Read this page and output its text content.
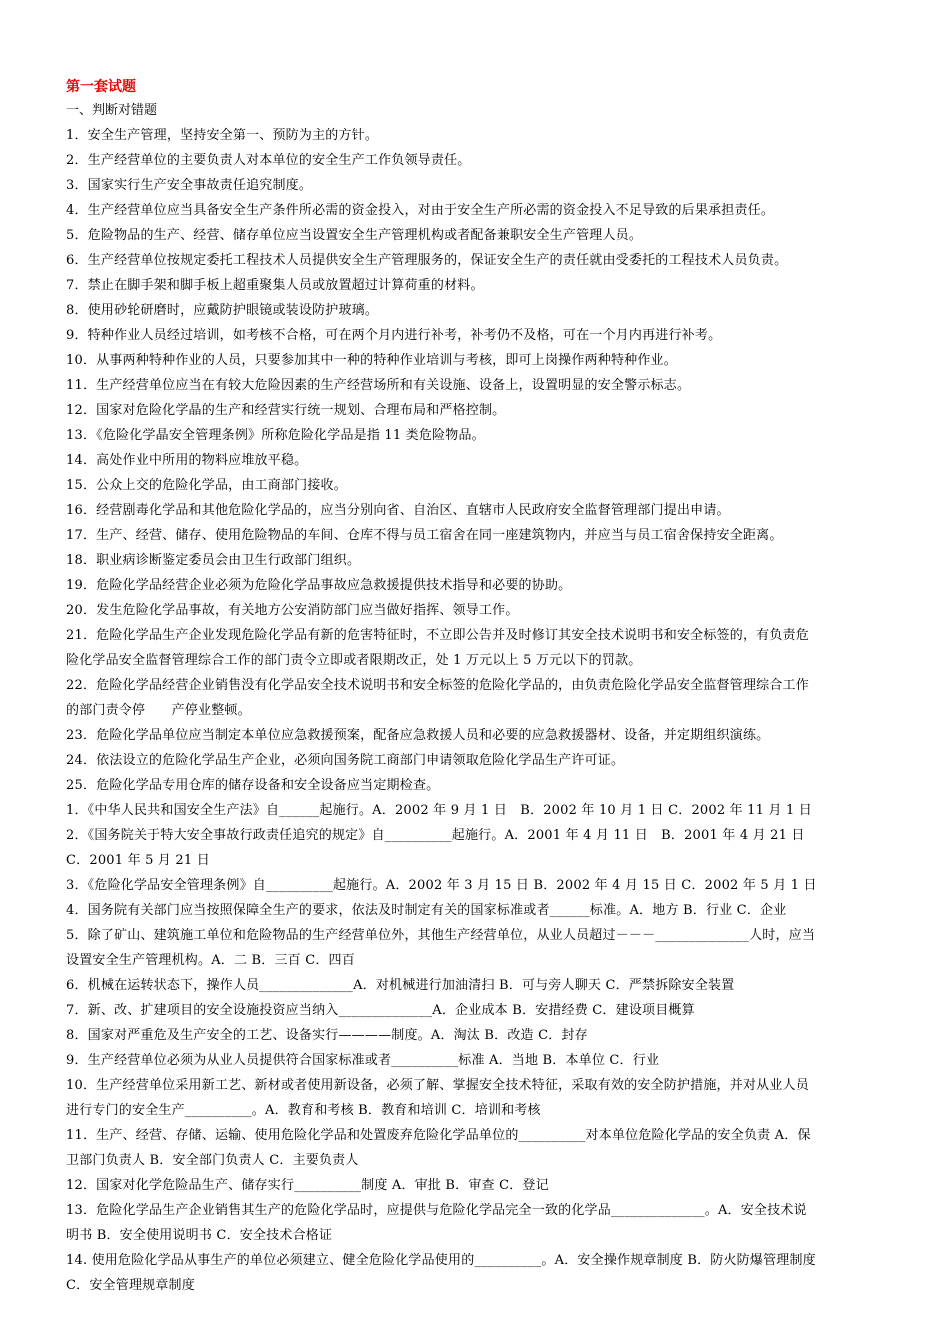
第一套试题
一、判断对错题
1．安全生产管理，坚持安全第一、预防为主的方针。
2．生产经营单位的主要负责人对本单位的安全生产工作负领导责任。
3．国家实行生产安全事故责任追究制度。
4．生产经营单位应当具备安全生产条件所必需的资金投入，对由于安全生产所必需的资金投入不足导致的后果承担责任。
5．危险物品的生产、经营、储存单位应当设置安全生产管理机构或者配备兼职安全生产管理人员。
6．生产经营单位按规定委托工程技术人员提供安全生产管理服务的，保证安全生产的责任就由受委托的工程技术人员负责。
7．禁止在脚手架和脚手板上超重聚集人员或放置超过计算荷重的材料。
8．使用砂轮研磨时，应戴防护眼镜或装设防护玻璃。
9．特种作业人员经过培训，如考核不合格，可在两个月内进行补考，补考仍不及格，可在一个月内再进行补考。
10．从事两种特种作业的人员，只要参加其中一种的特种作业培训与考核，即可上岗操作两种特种作业。
11．生产经营单位应当在有较大危险因素的生产经营场所和有关设施、设备上，设置明显的安全警示标志。
12．国家对危险化学晶的生产和经营实行统一规划、合理布局和严格控制。
13．《危险化学晶安全管理条例》所称危险化学品是指 11 类危险物品。
14．高处作业中所用的物料应堆放平稳。
15．公众上交的危险化学品，由工商部门接收。
16．经营剧毒化学品和其他危险化学品的，应当分别向省、自治区、直辖市人民政府安全监督管理部门提出申请。
17．生产、经营、储存、使用危险物品的车间、仓库不得与员工宿舍在同一座建筑物内，并应当与员工宿舍保持安全距离。
18．职业病诊断鉴定委员会由卫生行政部门组织。
19．危险化学品经营企业必须为危险化学品事故应急救援提供技术指导和必要的协助。
20．发生危险化学品事故，有关地方公安消防部门应当做好指挥、领导工作。
21．危险化学品生产企业发现危险化学品有新的危害特征时，不立即公告并及时修订其安全技术说明书和安全标签的，有负责危
险化学品安全监督管理综合工作的部门责令立即或者限期改正，处 1 万元以上 5 万元以下的罚款。
22．危险化学品经营企业销售没有化学品安全技术说明书和安全标签的危险化学品的，由负责危险化学品安全监督管理综合工作
的部门责令停　　产停业整顿。
23．危险化学品单位应当制定本单位应急救援预案，配备应急救援人员和必要的应急救援器材、设备，并定期组织演练。
24．依法设立的危险化学品生产企业，必须向国务院工商部门申请领取危险化学品生产许可证。
25．危险化学品专用仓库的储存设备和安全设备应当定期检查。
1．《中华人民共和国安全生产法》自______起施行。A．2002 年 9 月 1 日　B．2002 年 10 月 1 日 C．2002 年 11 月 1 日
2．《国务院关于特大安全事故行政责任追究的规定》自__________起施行。A．2001 年 4 月 11 日　B．2001 年 4 月 21 日
C．2001 年 5 月 21 日
3．《危险化学品安全管理条例》自__________起施行。A．2002 年 3 月 15 日 B．2002 年 4 月 15 日 C．2002 年 5 月 1 日
4．国务院有关部门应当按照保障全生产的要求，依法及时制定有关的国家标准或者______标准。A．地方 B．行业 C．企业
5．除了矿山、建筑施工单位和危险物品的生产经营单位外，其他生产经营单位，从业人员超过－－－______________人时，应当
设置安全生产管理机构。A．二 B．三百 C．四百
6．机械在运转状态下，操作人员______________A．对机械进行加油清扫 B．可与旁人聊天 C．严禁拆除安全装置
7．新、改、扩建项目的安全设施投资应当纳入______________A．企业成本 B．安措经费 C．建设项目概算
8．国家对严重危及生产安全的工艺、设备实行————制度。A．淘汰 B．改造 C．封存
9．生产经营单位必须为从业人员提供符合国家标准或者__________标准 A．当地 B．本单位 C．行业
10．生产经营单位采用新工艺、新材或者使用新设备，必须了解、掌握安全技术特征，采取有效的安全防护措施，并对从业人员
进行专门的安全生产__________。A．教育和考核 B．教育和培训 C．培训和考核
11．生产、经营、存储、运输、使用危险化学品和处置废弃危险化学品单位的__________对本单位危险化学品的安全负责 A．保
卫部门负责人 B．安全部门负责人 C．主要负责人
12．国家对化学危险品生产、储存实行__________制度 A．审批 B．审查 C．登记
13．危险化学品生产企业销售其生产的危险化学品时，应提供与危险化学品完全一致的化学品______________。A．安全技术说
明书 B．安全使用说明书 C．安全技术合格证
14. 使用危险化学品从事生产的单位必须建立、健全危险化学品使用的__________。A．安全操作规章制度 B．防火防爆管理制度
C．安全管理规章制度
